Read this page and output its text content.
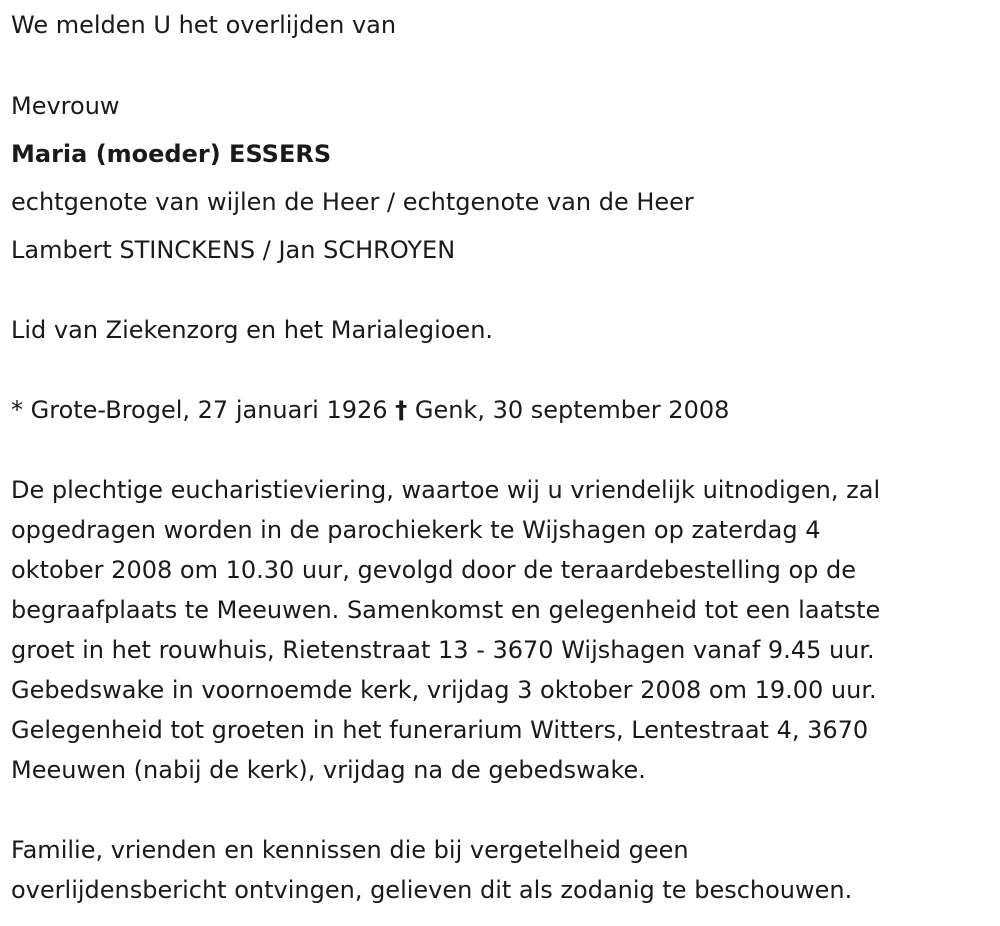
We melden U het overlijden van
Mevrouw
Maria (moeder) ESSERS
echtgenote van wijlen de Heer / echtgenote van de Heer
Lambert STINCKENS / Jan SCHROYEN
Lid van Ziekenzorg en het Marialegioen.
* Grote-Brogel, 27 januari 1926 † Genk, 30 september 2008
De plechtige eucharistieviering, waartoe wij u vriendelijk uitnodigen, zal
opgedragen worden in de parochiekerk te Wijshagen op zaterdag 4
oktober 2008 om 10.30 uur, gevolgd door de teraardebestelling op de
begraafplaats te Meeuwen. Samenkomst en gelegenheid tot een laatste
groet in het rouwhuis, Rietenstraat 13 - 3670 Wijshagen vanaf 9.45 uur.
Gebedswake in voornoemde kerk, vrijdag 3 oktober 2008 om 19.00 uur.
Gelegenheid tot groeten in het funerarium Witters, Lentestraat 4, 3670
Meeuwen (nabij de kerk), vrijdag na de gebedswake.
Familie, vrienden en kennissen die bij vergetelheid geen
overlijdensbericht ontvingen, gelieven dit als zodanig te beschouwen.
